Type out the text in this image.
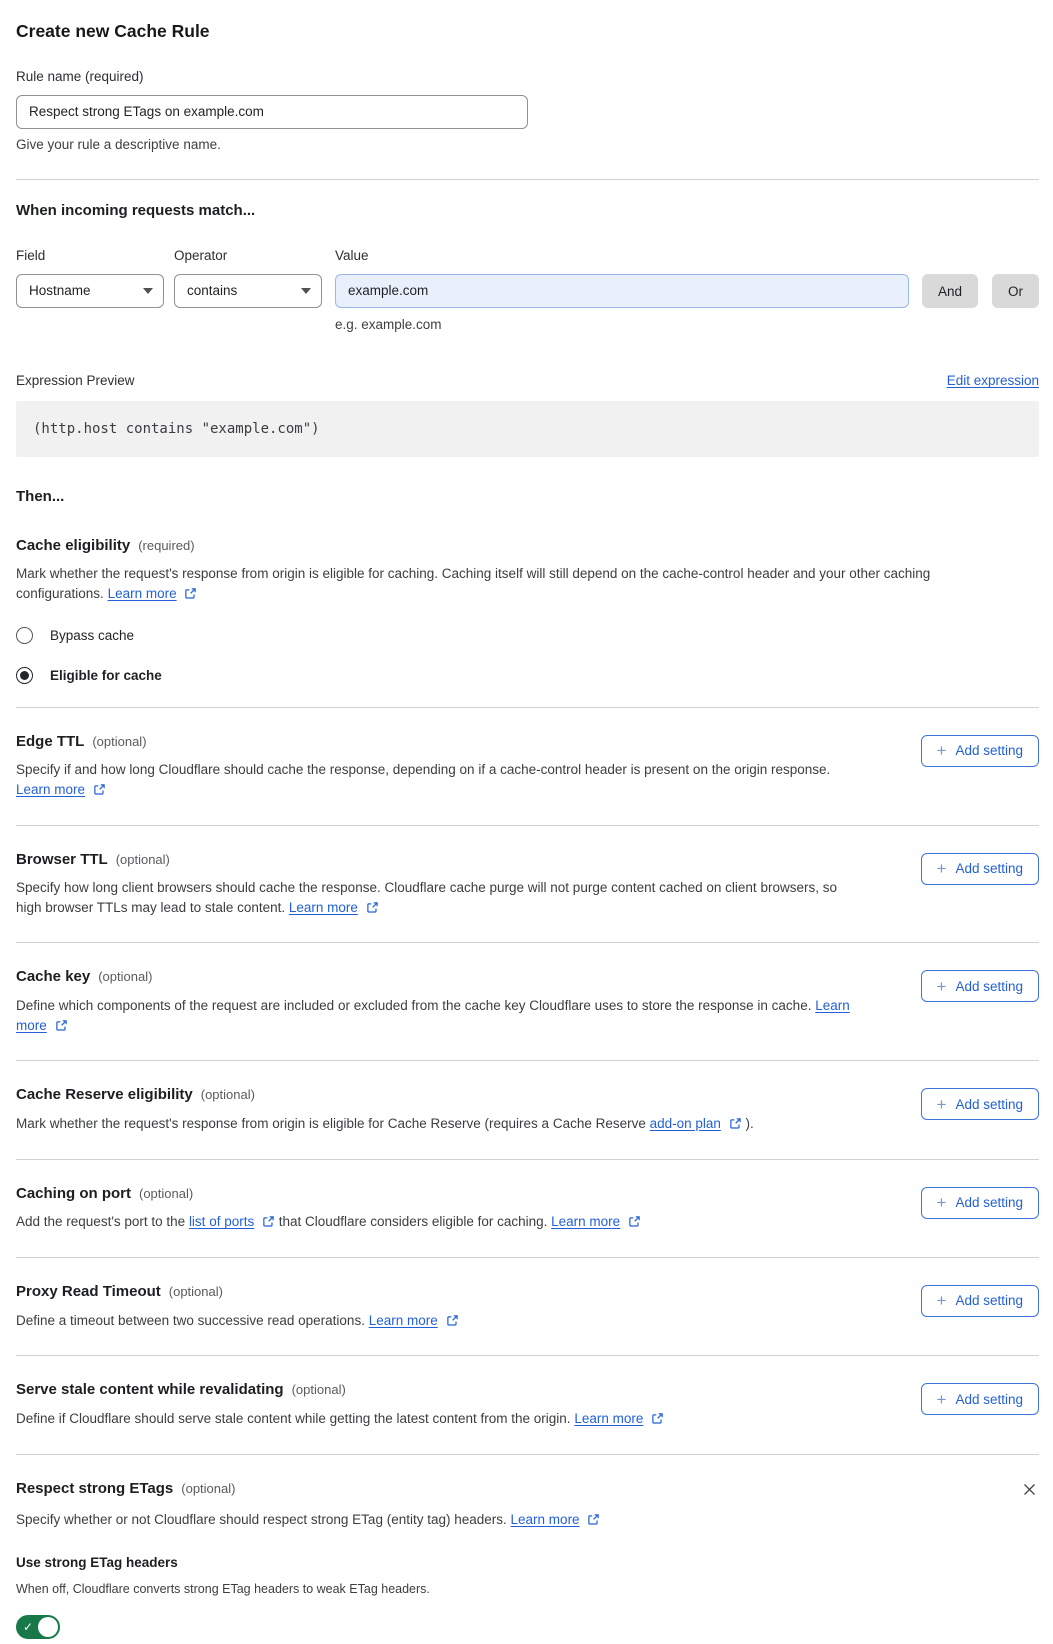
Create new Cache Rule
Rule name (required)
Respect strong ETags on example.com
Give your rule a descriptive name.
When incoming requests match...
Field
Hostname
Operator
contains
Value
example.com
e.g. example.com
And	Or
Expression Preview	Edit expression
(http.host contains "example.com")
Then...
Cache eligibility (required)

Mark whether the request's response from origin is eligible for caching. Caching itself will still depend on the cache-control header and your other caching configurations. Learn more

Bypass cache
Eligible for cache
Edge TTL (optional)

Specify if and how long Cloudflare should cache the response, depending on if a cache-control header is present on the origin response. Learn more

+ Add setting
Browser TTL (optional)

Specify how long client browsers should cache the response. Cloudflare cache purge will not purge content cached on client browsers, so high browser TTLs may lead to stale content. Learn more

+ Add setting
Cache key (optional)

Define which components of the request are included or excluded from the cache key Cloudflare uses to store the response in cache. Learn more

+ Add setting
Cache Reserve eligibility (optional)

Mark whether the request's response from origin is eligible for Cache Reserve (requires a Cache Reserve add-on plan  ).

+ Add setting
Caching on port (optional)

Add the request's port to the list of ports  that Cloudflare considers eligible for caching. Learn more

+ Add setting
Proxy Read Timeout (optional)

Define a timeout between two successive read operations. Learn more

+ Add setting
Serve stale content while revalidating (optional)

Define if Cloudflare should serve stale content while getting the latest content from the origin. Learn more

+ Add setting
Respect strong ETags (optional)

Specify whether or not Cloudflare should respect strong ETag (entity tag) headers. Learn more

Use strong ETag headers
When off, Cloudflare converts strong ETag headers to weak ETag headers.
✓
